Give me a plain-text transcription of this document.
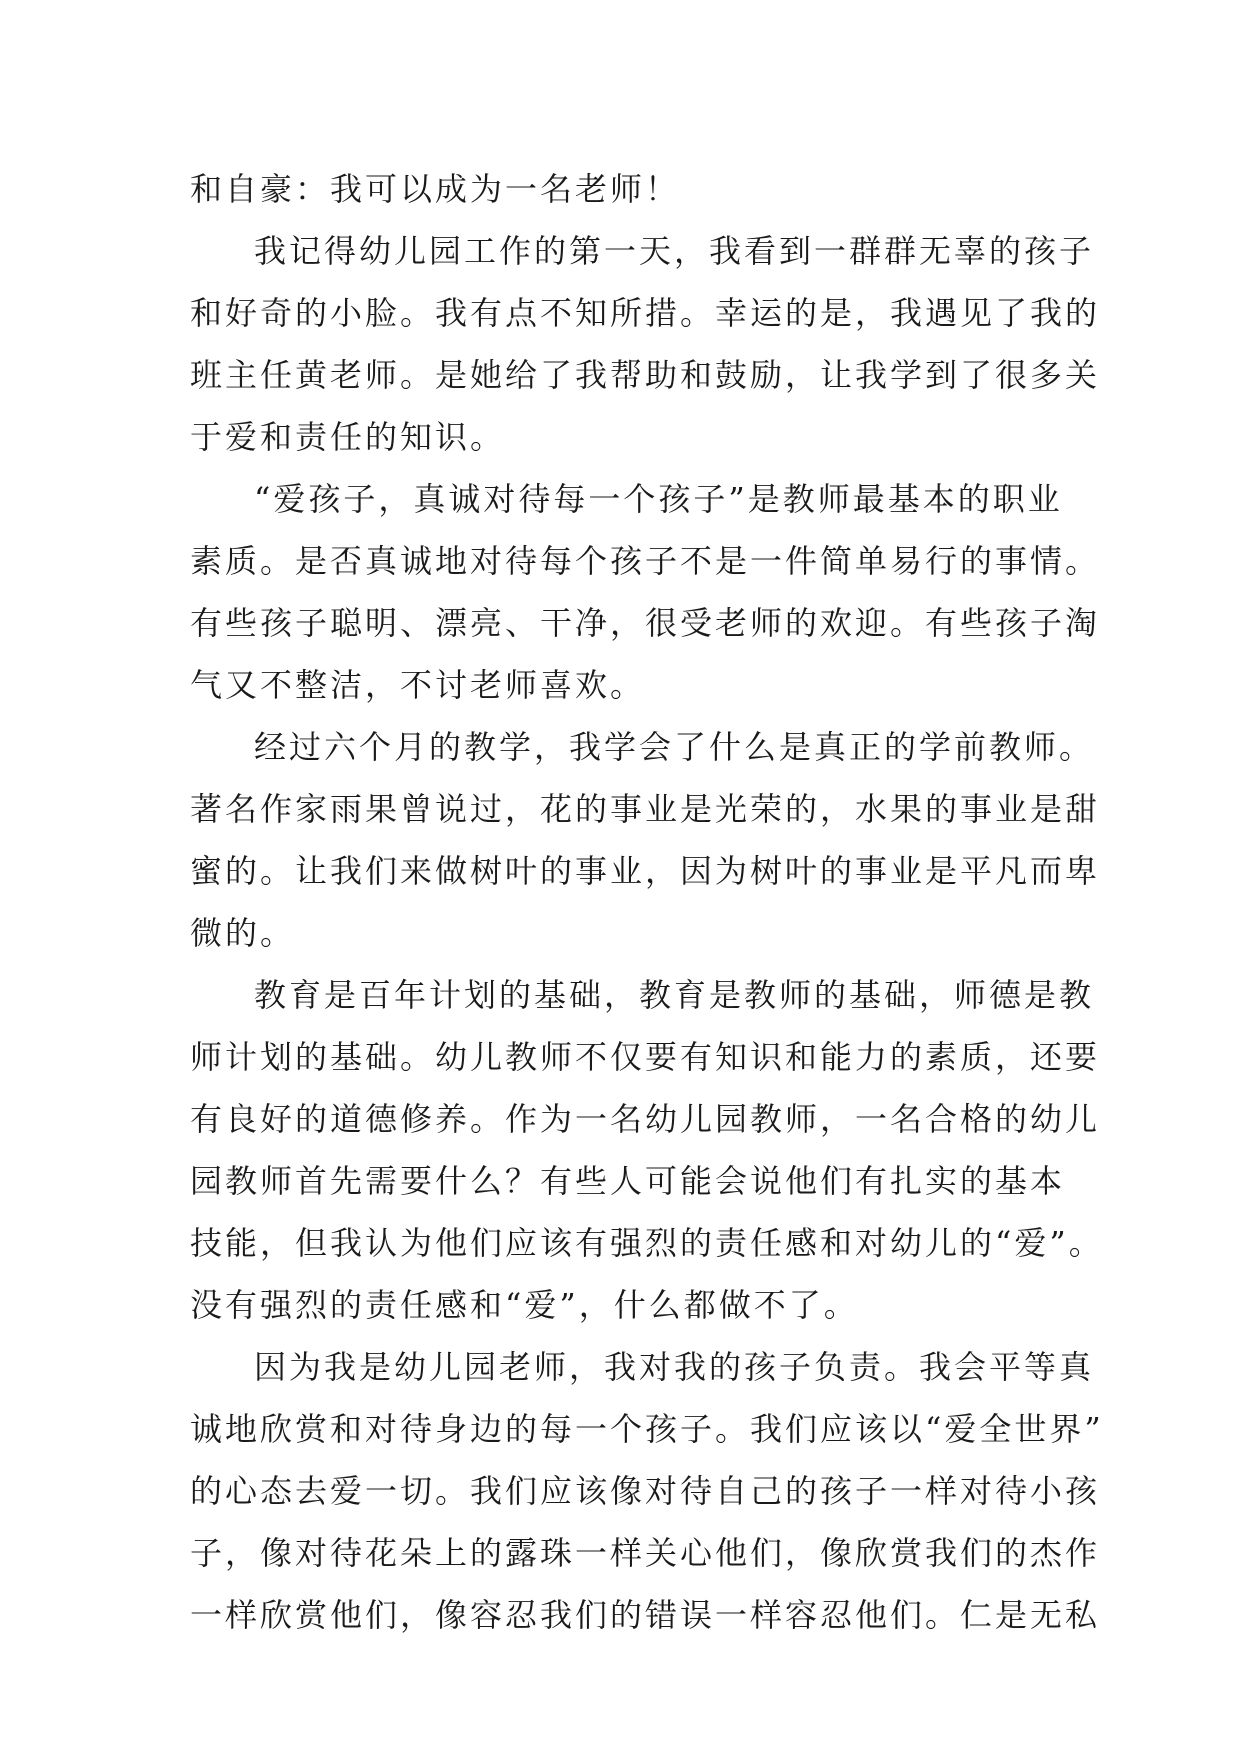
和自豪：我可以成为一名老师！
我记得幼儿园工作的第一天，我看到一群群无辜的孩子
和好奇的小脸。我有点不知所措。幸运的是，我遇见了我的
班主任黄老师。是她给了我帮助和鼓励，让我学到了很多关
于爱和责任的知识。
“爱孩子，真诚对待每一个孩子”是教师最基本的职业
素质。是否真诚地对待每个孩子不是一件简单易行的事情。
有些孩子聪明、漂亮、干净，很受老师的欢迎。有些孩子淘
气又不整洁，不讨老师喜欢。
经过六个月的教学，我学会了什么是真正的学前教师。
著名作家雨果曾说过，花的事业是光荣的，水果的事业是甜
蜜的。让我们来做树叶的事业，因为树叶的事业是平凡而卑
微的。
教育是百年计划的基础，教育是教师的基础，师德是教
师计划的基础。幼儿教师不仅要有知识和能力的素质，还要
有良好的道德修养。作为一名幼儿园教师，一名合格的幼儿
园教师首先需要什么？有些人可能会说他们有扎实的基本
技能，但我认为他们应该有强烈的责任感和对幼儿的“爱”。
没有强烈的责任感和“爱”，什么都做不了。
因为我是幼儿园老师，我对我的孩子负责。我会平等真
诚地欣赏和对待身边的每一个孩子。我们应该以“爱全世界”
的心态去爱一切。我们应该像对待自己的孩子一样对待小孩
子，像对待花朵上的露珠一样关心他们，像欣赏我们的杰作
一样欣赏他们，像容忍我们的错误一样容忍他们。仁是无私
